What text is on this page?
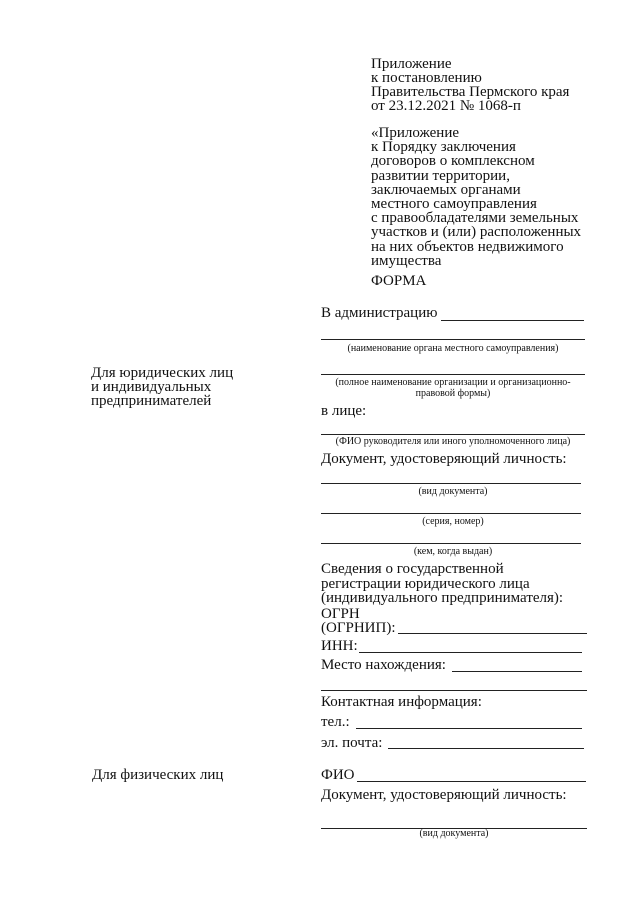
Приложение
к постановлению
Правительства Пермского края
от 23.12.2021 № 1068-п
«Приложение
к Порядку заключения
договоров о комплексном
развитии территории,
заключаемых органами
местного самоуправления
с правообладателями земельных
участков и (или) расположенных
на них объектов недвижимого
имущества
ФОРМА
Для юридических лиц
и индивидуальных
предпринимателей
Для физических лиц
В администрацию
(наименование органа местного самоуправления)
(полное наименование организации и организационно-
правовой формы)
в лице:
(ФИО руководителя или иного уполномоченного лица)
Документ, удостоверяющий личность:
(вид документа)
(серия, номер)
(кем, когда выдан)
Сведения о государственной
регистрации юридического лица
(индивидуального предпринимателя):
ОГРН
(ОГРНИП):
ИНН:
Место нахождения:
Контактная информация:
тел.:
эл. почта:
ФИО
Документ, удостоверяющий личность:
(вид документа)
